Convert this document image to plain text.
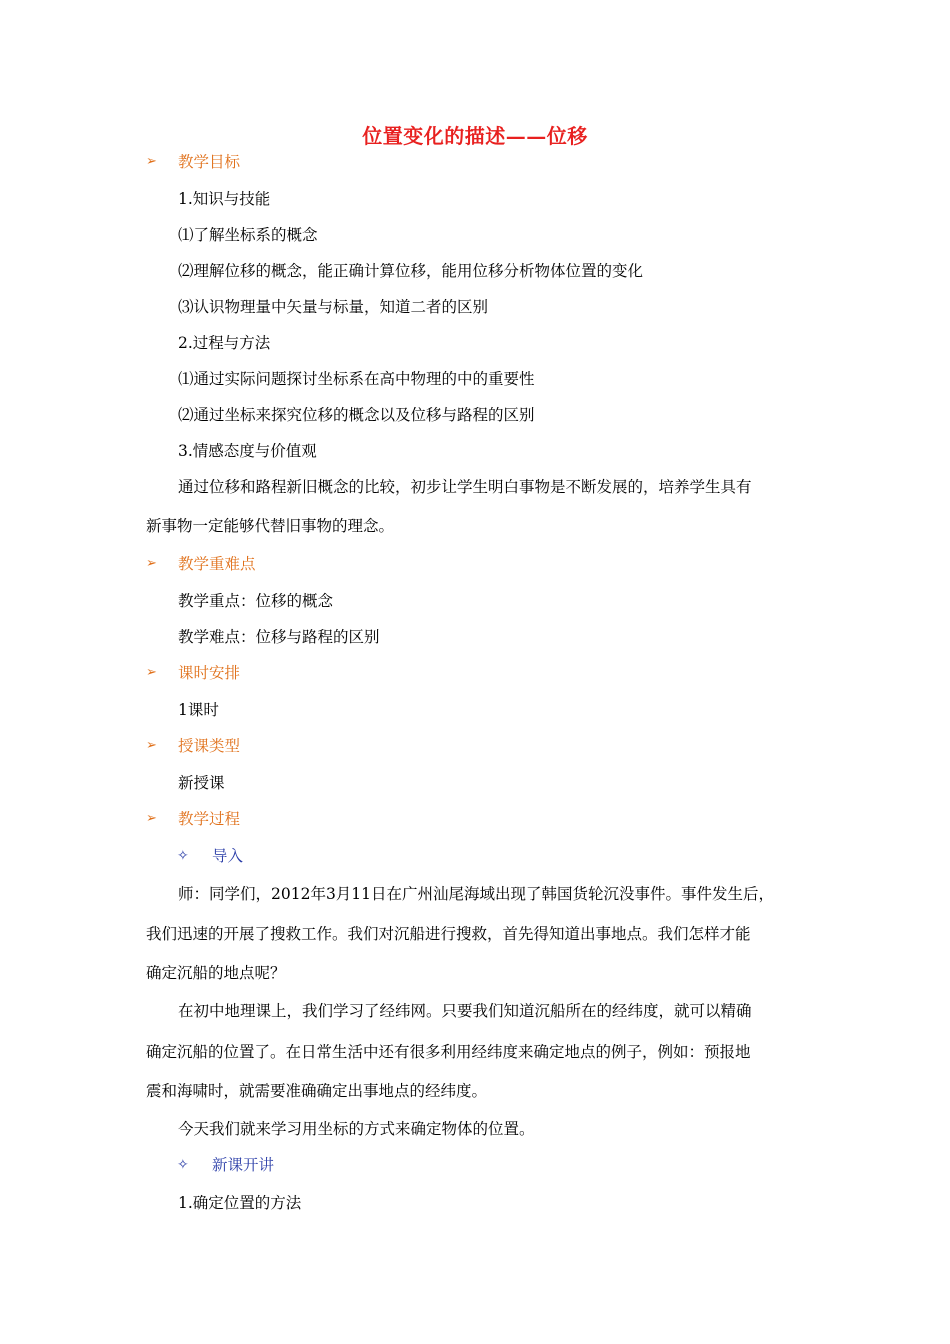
位置变化的描述——位移
➢ 教学目标
1.知识与技能
⑴了解坐标系的概念
⑵理解位移的概念，能正确计算位移，能用位移分析物体位置的变化
⑶认识物理量中矢量与标量，知道二者的区别
2.过程与方法
⑴通过实际问题探讨坐标系在高中物理的中的重要性
⑵通过坐标来探究位移的概念以及位移与路程的区别
3.情感态度与价值观
通过位移和路程新旧概念的比较，初步让学生明白事物是不断发展的，培养学生具有
新事物一定能够代替旧事物的理念。
➢ 教学重难点
教学重点：位移的概念
教学难点：位移与路程的区别
➢ 课时安排
1课时
➢ 授课类型
新授课
➢ 教学过程
✧ 导入
师：同学们，2012年3月11日在广州汕尾海域出现了韩国货轮沉没事件。事件发生后，
我们迅速的开展了搜救工作。我们对沉船进行搜救，首先得知道出事地点。我们怎样才能
确定沉船的地点呢？
在初中地理课上，我们学习了经纬网。只要我们知道沉船所在的经纬度，就可以精确
确定沉船的位置了。在日常生活中还有很多利用经纬度来确定地点的例子，例如：预报地
震和海啸时，就需要准确确定出事地点的经纬度。
今天我们就来学习用坐标的方式来确定物体的位置。
✧ 新课开讲
1.确定位置的方法
